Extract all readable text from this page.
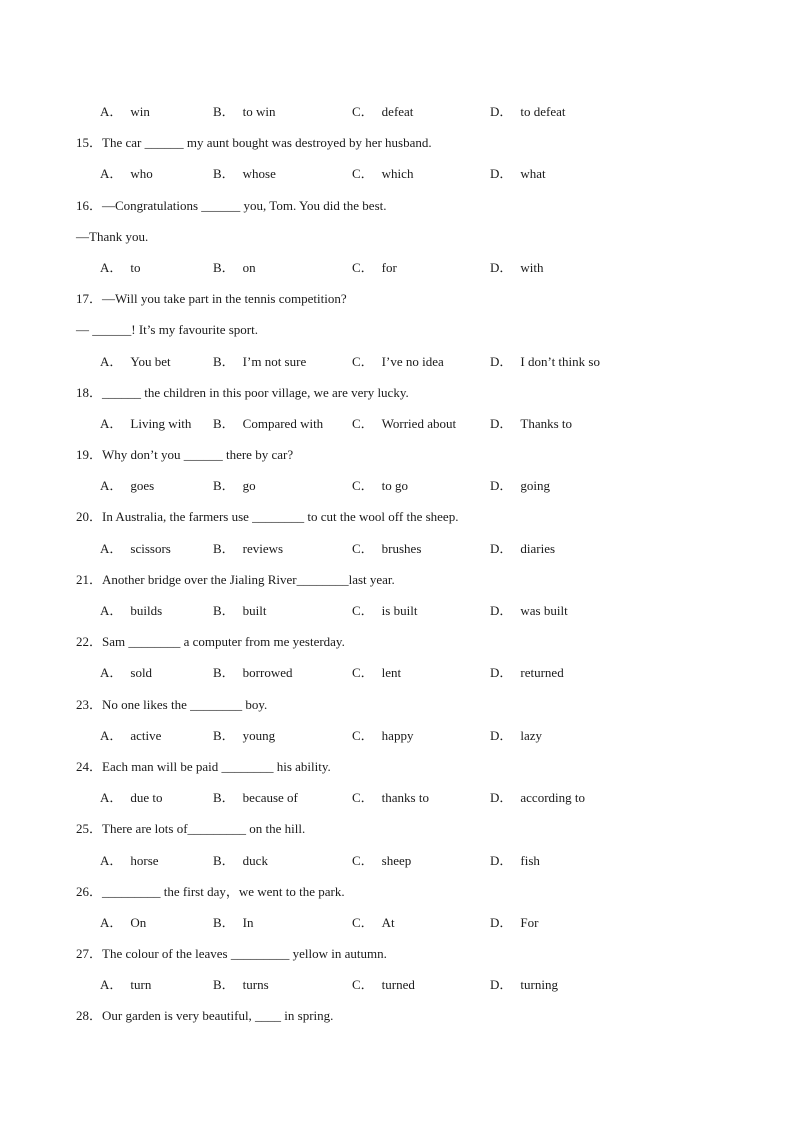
A． win	B． to win	C． defeat	D． to defeat
15．The car ______ my aunt bought was destroyed by her husband.
A． who	B． whose	C． which	D． what
16．—Congratulations ______ you, Tom. You did the best.
—Thank you.
A． to	B． on	C． for	D． with
17．—Will you take part in the tennis competition?
— ______! It’s my favourite sport.
A． You bet	B． I’m not sure	C． I’ve no idea	D． I don’t think so
18．______ the children in this poor village, we are very lucky.
A． Living with B． Compared with C． Worried about	D． Thanks to
19．Why don’t you ______ there by car?
A． goes	B． go	C． to go	D． going
20．In Australia, the farmers use ________ to cut the wool off the sheep.
A． scissors	B． reviews	C． brushes	D． diaries
21．Another bridge over the Jialing River________last year.
A． builds	B． built	C． is built	D． was built
22．Sam ________ a computer from me yesterday.
A． sold	B． borrowed	C． lent	D． returned
23．No one likes the ________ boy.
A． active	B． young	C． happy	D． lazy
24．Each man will be paid ________ his ability.
A． due to	B． because of	C． thanks to	D． according to
25．There are lots of_________ on the hill.
A． horse	B． duck	C． sheep	D． fish
26．_________ the first day，we went to the park.
A． On	B． In	C． At	D． For
27．The colour of the leaves _________ yellow in autumn.
A． turn	B． turns	C． turned	D． turning
28．Our garden is very beautiful, ____ in spring.
